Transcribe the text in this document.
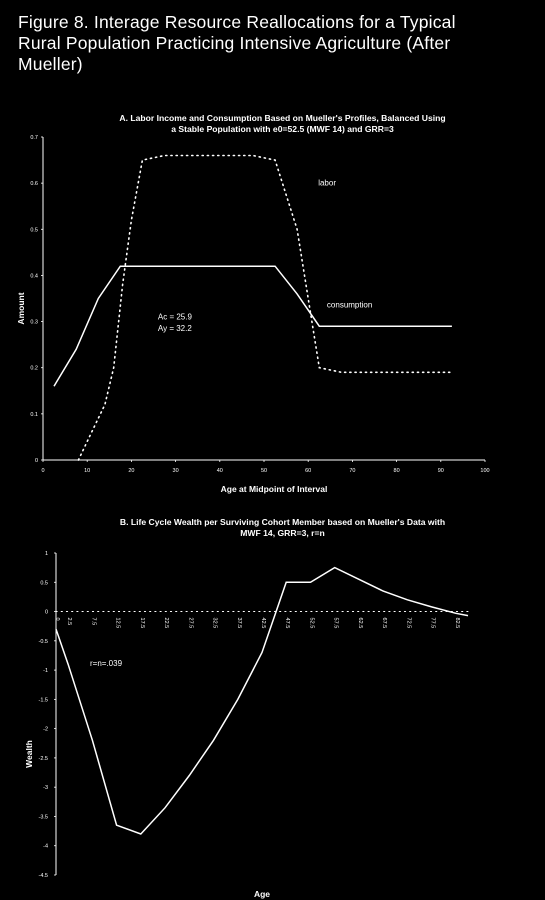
Figure 8. Interage Resource Reallocations for a Typical
Rural Population Practicing Intensive Agriculture (After
Mueller)
A. Labor Income and Consumption Based on Mueller's Profiles, Balanced Using
a Stable Population with e0=52.5 (MWF 14) and GRR=3
B. Life Cycle Wealth per Surviving Cohort Member based on Mueller's Data with
MWF 14, GRR=3, r=n
0
0.1
0.2
0.3
0.4
0.5
0.6
0.7
0	10	20	30	40	50	60	70	80	90	100
Age at Midpoint of Interval
Amount
labor
consumption
Ac = 25.9
Ay = 32.2
1
0.5
0
-0.5
-1
-1.5
-2
-2.5
-3
-3.5
-4
-4.5
0 2.5	7.5	12.5	17.5	22.5	27.5	32.5	37.5	42.5	47.5	52.5	57.5	62.5	67.5	72.5	77.5	82.5
Age
Wealth
r=n=.039
